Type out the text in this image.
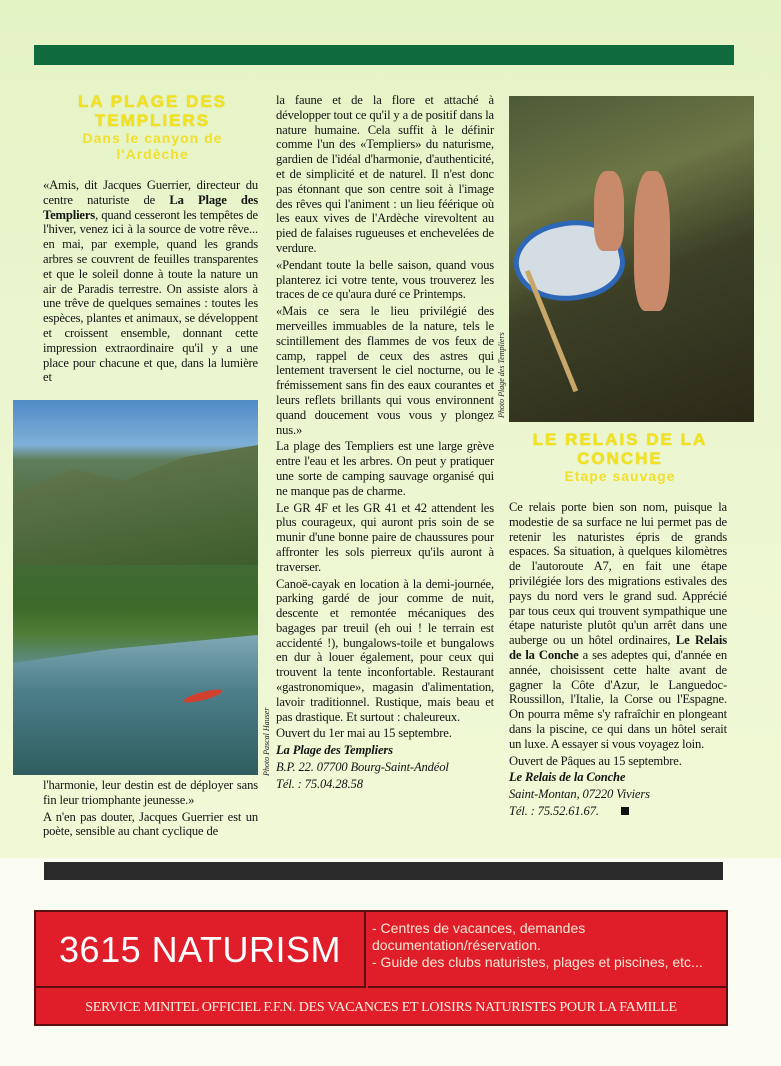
LA PLAGE DES TEMPLIERS
Dans le canyon de l'Ardèche

«Amis, dit Jacques Guerrier, directeur du centre naturiste de La Plage des Templiers, quand cesseront les tempêtes de l'hiver, venez ici à la source de votre rêve... en mai, par exemple, quand les grands arbres se couvrent de feuilles transparentes et que le soleil donne à toute la nature un air de Paradis terrestre. On assiste alors à une trêve de quelques semaines : toutes les espèces, plantes et animaux, se développent et croissent ensemble, donnant cette impression extraordinaire qu'il y a une place pour chacune et que, dans la lumière et

Photo Pascal Hauser

l'harmonie, leur destin est de déployer sans fin leur triomphante jeunesse.»

A n'en pas douter, Jacques Guerrier est un poète, sensible au chant cyclique de

la faune et de la flore et attaché à développer tout ce qu'il y a de positif dans la nature humaine. Cela suffit à le définir comme l'un des «Templiers» du naturisme, gardien de l'idéal d'harmonie, d'authenticité, et de simplicité et de naturel. Il n'est donc pas étonnant que son centre soit à l'image des rêves qui l'animent : un lieu féérique où les eaux vives de l'Ardèche virevoltent au pied de falaises rugueuses et enchevelées de verdure.

«Pendant toute la belle saison, quand vous planterez ici votre tente, vous trouverez les traces de ce qu'aura duré ce Printemps.

«Mais ce sera le lieu privilégié des merveilles immuables de la nature, tels le scintillement des flammes de vos feux de camp, rappel de ceux des astres qui lentement traversent le ciel nocturne, ou le frémissement sans fin des eaux courantes et leurs reflets brillants qui vous environnent quand doucement vous vous y plongez nus.»

La plage des Templiers est une large grève entre l'eau et les arbres. On peut y pratiquer une sorte de camping sauvage organisé qui ne manque pas de charme.

Le GR 4F et les GR 41 et 42 attendent les plus courageux, qui auront pris soin de se munir d'une bonne paire de chaussures pour affronter les sols pierreux qu'ils auront à traverser.

Canoë-cayak en location à la demi-journée, parking gardé de jour comme de nuit, descente et remontée mécaniques des bagages par treuil (eh oui ! le terrain est accidenté !), bungalows-toile et bungalows en dur à louer également, pour ceux qui trouvent la tente inconfortable. Restaurant «gastronomique», magasin d'alimentation, lavoir traditionnel. Rustique, mais beau et pas drastique. Et surtout : chaleureux.

Ouvert du 1er mai au 15 septembre.

La Plage des Templiers

B.P. 22. 07700 Bourg-Saint-Andéol

Tél. : 75.04.28.58

Photo Plage des Templiers
LE RELAIS DE LA CONCHE
Etape sauvage

Ce relais porte bien son nom, puisque la modestie de sa surface ne lui permet pas de retenir les naturistes épris de grands espaces. Sa situation, à quelques kilomètres de l'autoroute A7, en fait une étape privilégiée lors des migrations estivales des pays du nord vers le grand sud. Apprécié par tous ceux qui trouvent sympathique une étape naturiste plutôt qu'un arrêt dans une auberge ou un hôtel ordinaires, Le Relais de la Conche a ses adeptes qui, d'année en année, choisissent cette halte avant de gagner la Côte d'Azur, le Languedoc-Roussillon, l'Italie, la Corse ou l'Espagne. On pourra même s'y rafraîchir en plongeant dans la piscine, ce qui dans un hôtel serait un luxe. A essayer si vous voyagez loin.

Ouvert de Pâques au 15 septembre.

Le Relais de la Conche

Saint-Montan, 07220 Viviers

Tél. : 75.52.61.67.

3615 NATURISM
- Centres de vacances, demandes documentation/réservation.
- Guide des clubs naturistes, plages et piscines, etc...
SERVICE MINITEL OFFICIEL F.F.N. DES VACANCES ET LOISIRS NATURISTES POUR LA FAMILLE
